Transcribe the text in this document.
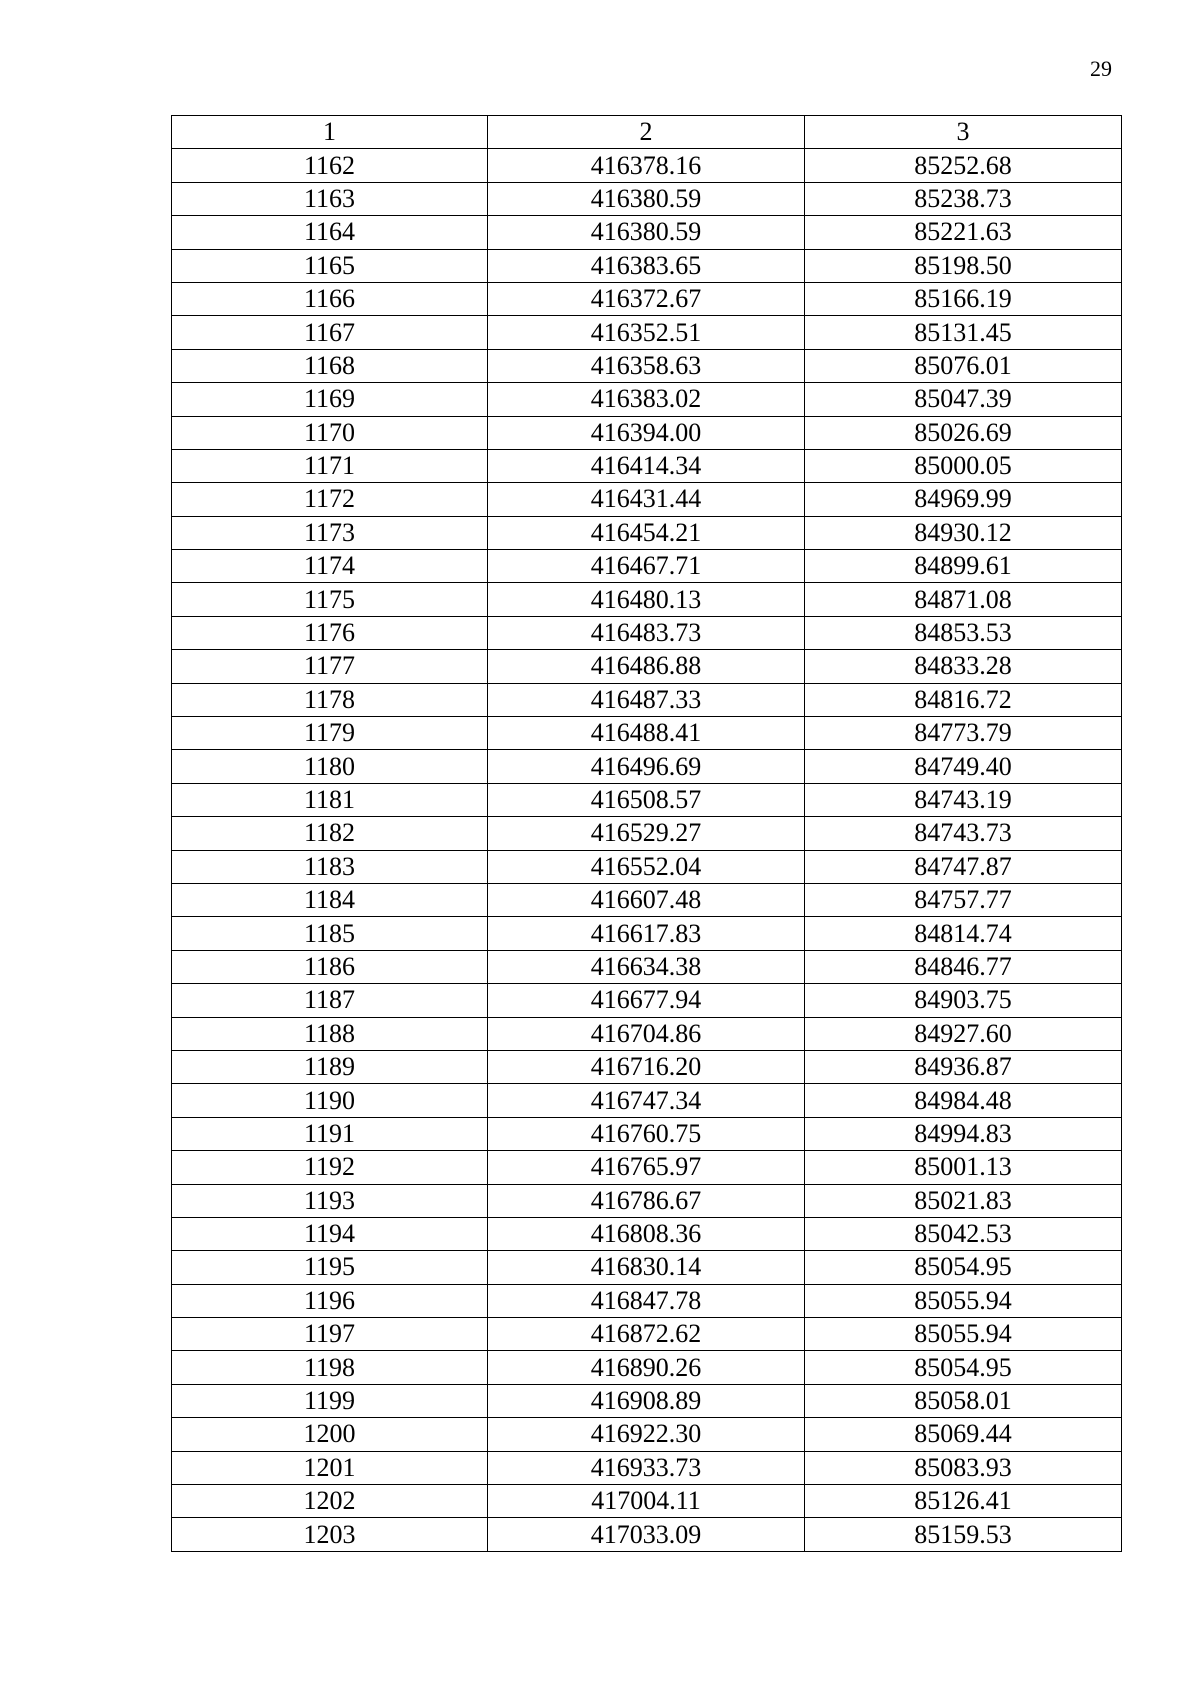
29
1	2	3
1162	416378.16	85252.68
1163	416380.59	85238.73
1164	416380.59	85221.63
1165	416383.65	85198.50
1166	416372.67	85166.19
1167	416352.51	85131.45
1168	416358.63	85076.01
1169	416383.02	85047.39
1170	416394.00	85026.69
1171	416414.34	85000.05
1172	416431.44	84969.99
1173	416454.21	84930.12
1174	416467.71	84899.61
1175	416480.13	84871.08
1176	416483.73	84853.53
1177	416486.88	84833.28
1178	416487.33	84816.72
1179	416488.41	84773.79
1180	416496.69	84749.40
1181	416508.57	84743.19
1182	416529.27	84743.73
1183	416552.04	84747.87
1184	416607.48	84757.77
1185	416617.83	84814.74
1186	416634.38	84846.77
1187	416677.94	84903.75
1188	416704.86	84927.60
1189	416716.20	84936.87
1190	416747.34	84984.48
1191	416760.75	84994.83
1192	416765.97	85001.13
1193	416786.67	85021.83
1194	416808.36	85042.53
1195	416830.14	85054.95
1196	416847.78	85055.94
1197	416872.62	85055.94
1198	416890.26	85054.95
1199	416908.89	85058.01
1200	416922.30	85069.44
1201	416933.73	85083.93
1202	417004.11	85126.41
1203	417033.09	85159.53
